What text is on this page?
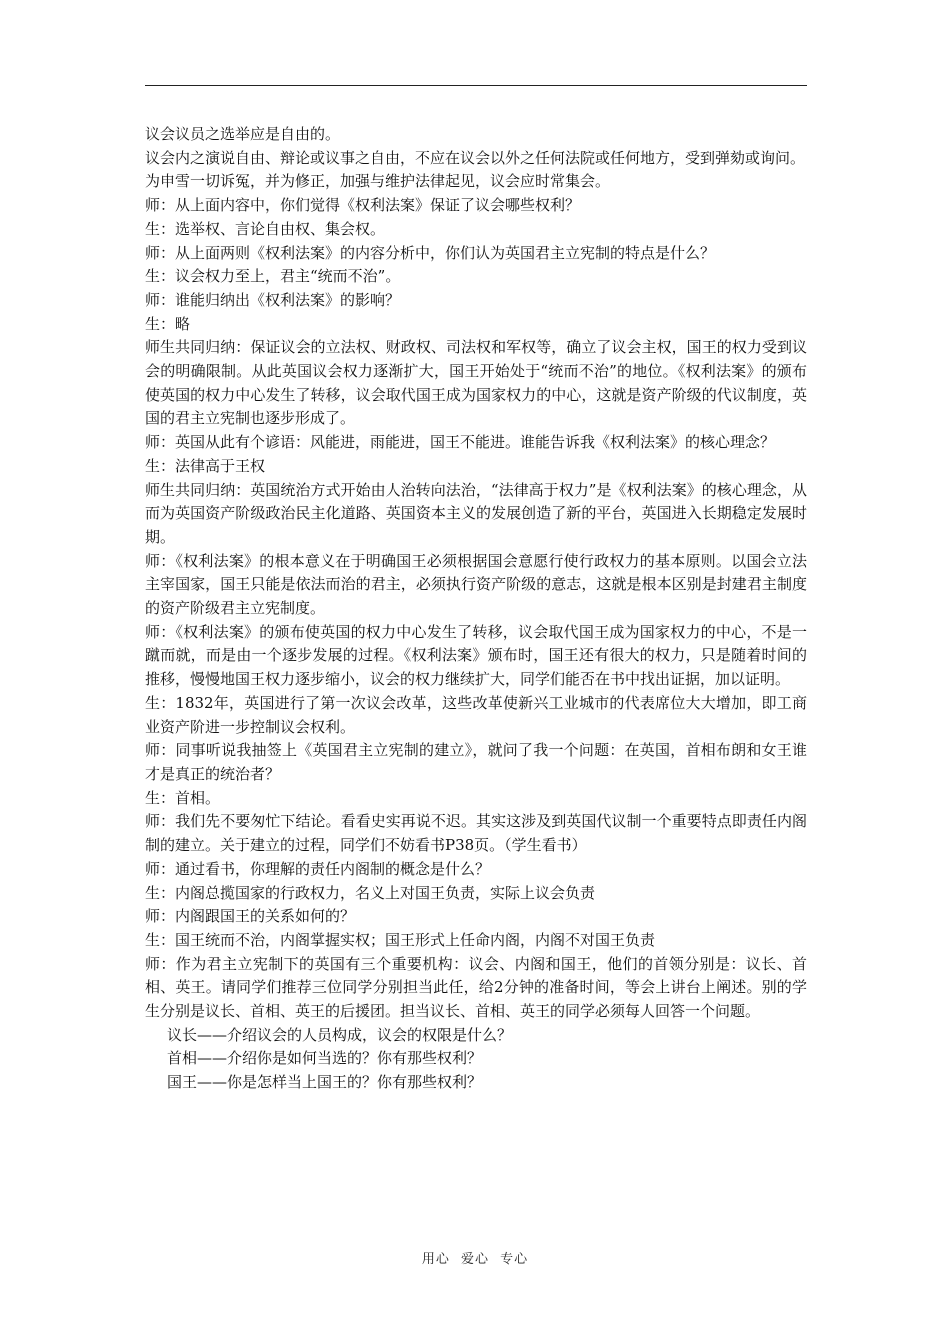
议会议员之选举应是自由的。

议会内之演说自由、辩论或议事之自由，不应在议会以外之任何法院或任何地方，受到弹劾或询问。

为申雪一切诉冤，并为修正，加强与维护法律起见，议会应时常集会。

师：从上面内容中，你们觉得《权利法案》保证了议会哪些权利？

生：选举权、言论自由权、集会权。

师：从上面两则《权利法案》的内容分析中，你们认为英国君主立宪制的特点是什么？

生：议会权力至上，君主“统而不治”。

师：谁能归纳出《权利法案》的影响？

生：略

师生共同归纳：保证议会的立法权、财政权、司法权和军权等，确立了议会主权，国王的权力受到议会的明确限制。从此英国议会权力逐渐扩大，国王开始处于“统而不治”的地位。《权利法案》的颁布使英国的权力中心发生了转移，议会取代国王成为国家权力的中心，这就是资产阶级的代议制度，英国的君主立宪制也逐步形成了。

师：英国从此有个谚语：风能进，雨能进，国王不能进。谁能告诉我《权利法案》的核心理念？

生：法律高于王权

师生共同归纳：英国统治方式开始由人治转向法治，“法律高于权力”是《权利法案》的核心理念，从而为英国资产阶级政治民主化道路、英国资本主义的发展创造了新的平台，英国进入长期稳定发展时期。

师：《权利法案》的根本意义在于明确国王必须根据国会意愿行使行政权力的基本原则。以国会立法主宰国家，国王只能是依法而治的君主，必须执行资产阶级的意志，这就是根本区别是封建君主制度的资产阶级君主立宪制度。

师：《权利法案》的颁布使英国的权力中心发生了转移，议会取代国王成为国家权力的中心，不是一蹴而就，而是由一个逐步发展的过程。《权利法案》颁布时，国王还有很大的权力，只是随着时间的推移，慢慢地国王权力逐步缩小，议会的权力继续扩大，同学们能否在书中找出证据，加以证明。

生：1832年，英国进行了第一次议会改革，这些改革使新兴工业城市的代表席位大大增加，即工商业资产阶进一步控制议会权利。

师：同事听说我抽签上《英国君主立宪制的建立》，就问了我一个问题：在英国，首相布朗和女王谁才是真正的统治者？

生：首相。

师：我们先不要匆忙下结论。看看史实再说不迟。其实这涉及到英国代议制一个重要特点即责任内阁制的建立。关于建立的过程，同学们不妨看书P38页。（学生看书）

师：通过看书，你理解的责任内阁制的概念是什么？

生：内阁总揽国家的行政权力，名义上对国王负责，实际上议会负责

师：内阁跟国王的关系如何的？

生：国王统而不治，内阁掌握实权；国王形式上任命内阁，内阁不对国王负责

师：作为君主立宪制下的英国有三个重要机构：议会、内阁和国王，他们的首领分别是：议长、首相、英王。请同学们推荐三位同学分别担当此任，给2分钟的准备时间，等会上讲台上阐述。别的学生分别是议长、首相、英王的后援团。担当议长、首相、英王的同学必须每人回答一个问题。

议长——介绍议会的人员构成，议会的权限是什么？

首相——介绍你是如何当选的？你有那些权利？

国王——你是怎样当上国王的？你有那些权利？

用心 爱心 专心
